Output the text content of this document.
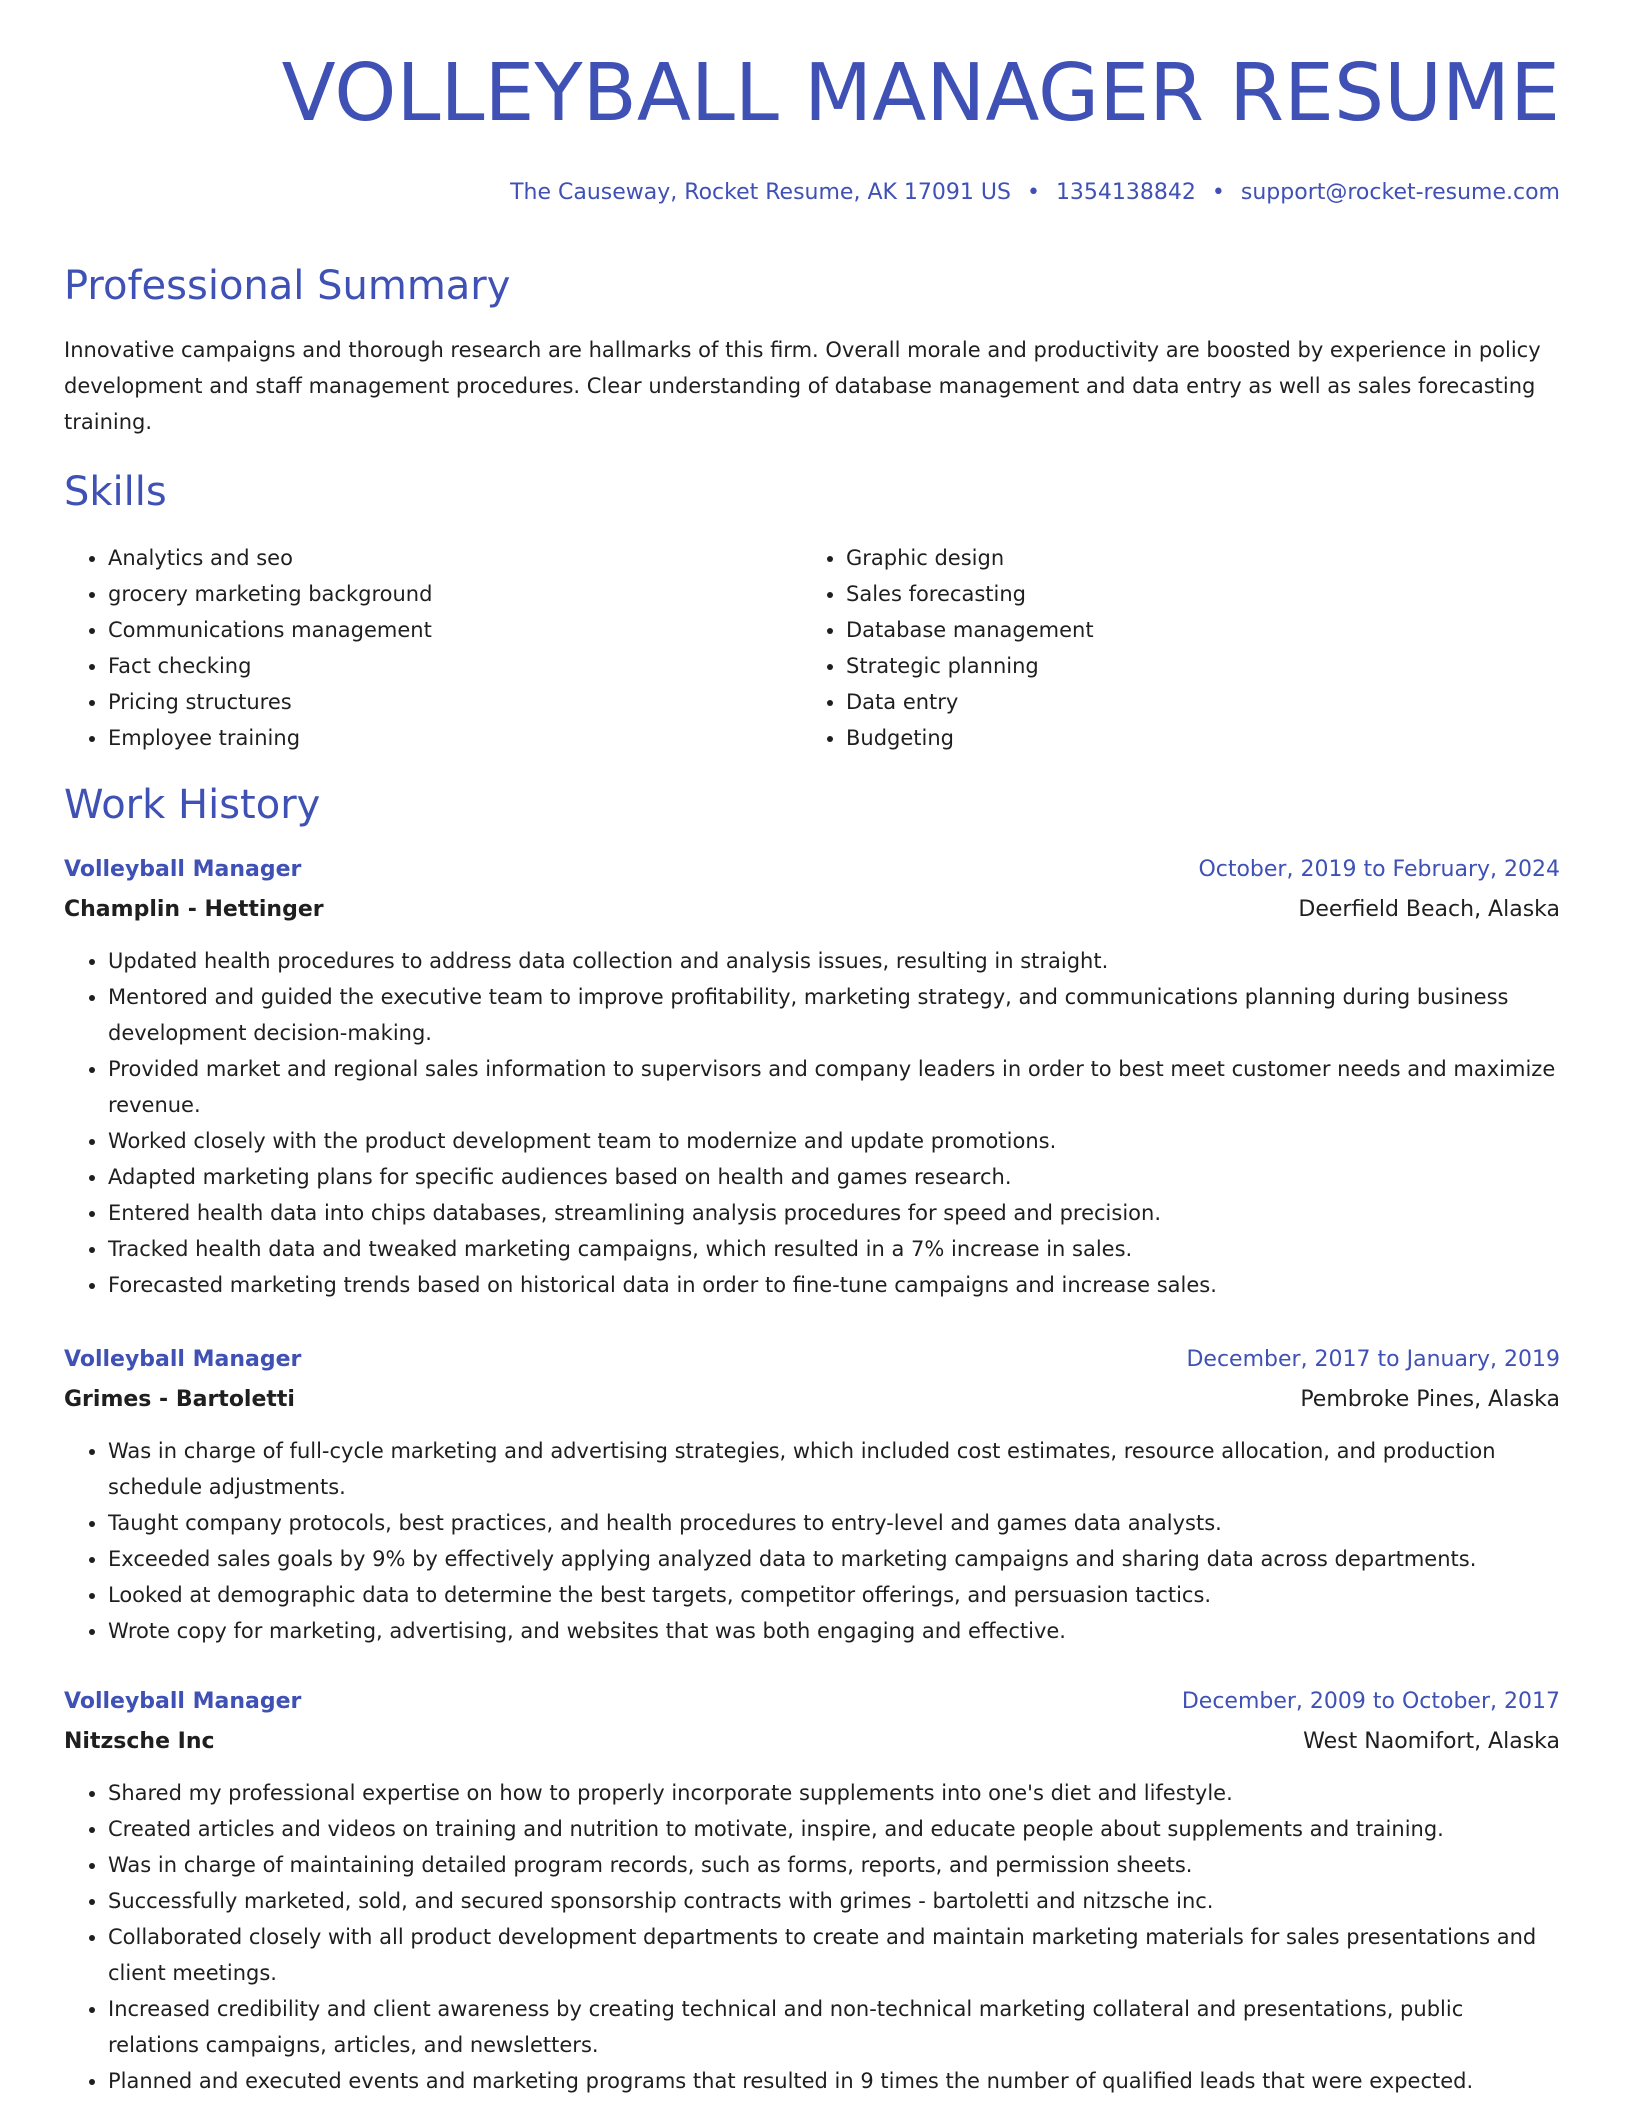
VOLLEYBALL MANAGER RESUME
The Causeway, Rocket Resume, AK 17091 US • 1354138842 • support@rocket-resume.com
Professional Summary

Innovative campaigns and thorough research are hallmarks of this firm. Overall morale and productivity are boosted by experience in policy development and staff management procedures. Clear understanding of database management and data entry as well as sales forecasting training.

Skills
• Analytics and seo
• grocery marketing background
• Communications management
• Fact checking
• Pricing structures
• Employee training
• Graphic design
• Sales forecasting
• Database management
• Strategic planning
• Data entry
• Budgeting
Work History
Volleyball Manager	October, 2019 to February, 2024
Champlin - Hettinger	Deerfield Beach, Alaska
• Updated health procedures to address data collection and analysis issues, resulting in straight.
• Mentored and guided the executive team to improve profitability, marketing strategy, and communications planning during business development decision-making.
• Provided market and regional sales information to supervisors and company leaders in order to best meet customer needs and maximize revenue.
• Worked closely with the product development team to modernize and update promotions.
• Adapted marketing plans for specific audiences based on health and games research.
• Entered health data into chips databases, streamlining analysis procedures for speed and precision.
• Tracked health data and tweaked marketing campaigns, which resulted in a 7% increase in sales.
• Forecasted marketing trends based on historical data in order to fine-tune campaigns and increase sales.
Volleyball Manager	December, 2017 to January, 2019
Grimes - Bartoletti	Pembroke Pines, Alaska
• Was in charge of full-cycle marketing and advertising strategies, which included cost estimates, resource allocation, and production schedule adjustments.
• Taught company protocols, best practices, and health procedures to entry-level and games data analysts.
• Exceeded sales goals by 9% by effectively applying analyzed data to marketing campaigns and sharing data across departments.
• Looked at demographic data to determine the best targets, competitor offerings, and persuasion tactics.
• Wrote copy for marketing, advertising, and websites that was both engaging and effective.
Volleyball Manager	December, 2009 to October, 2017
Nitzsche Inc	West Naomifort, Alaska
• Shared my professional expertise on how to properly incorporate supplements into one's diet and lifestyle.
• Created articles and videos on training and nutrition to motivate, inspire, and educate people about supplements and training.
• Was in charge of maintaining detailed program records, such as forms, reports, and permission sheets.
• Successfully marketed, sold, and secured sponsorship contracts with grimes - bartoletti and nitzsche inc.
• Collaborated closely with all product development departments to create and maintain marketing materials for sales presentations and client meetings.
• Increased credibility and client awareness by creating technical and non-technical marketing collateral and presentations, public relations campaigns, articles, and newsletters.
• Planned and executed events and marketing programs that resulted in 9 times the number of qualified leads that were expected.
